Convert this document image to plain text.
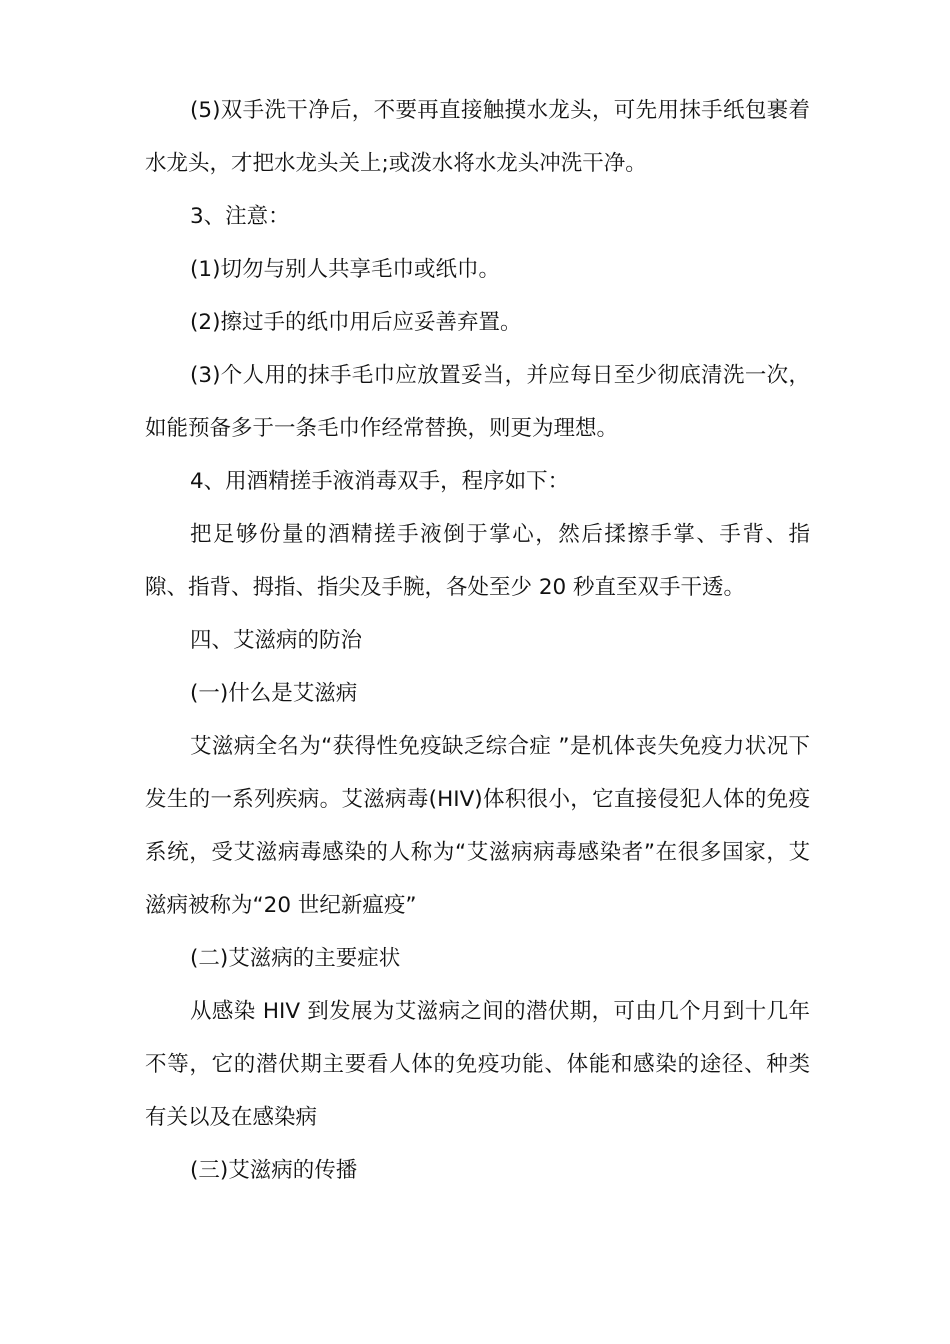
(5)双手洗干净后，不要再直接触摸水龙头，可先用抹手纸包裹着水龙头，才把水龙头关上;或泼水将水龙头冲洗干净。

3、注意：

(1)切勿与别人共享毛巾或纸巾。

(2)擦过手的纸巾用后应妥善弃置。

(3)个人用的抹手毛巾应放置妥当，并应每日至少彻底清洗一次，如能预备多于一条毛巾作经常替换，则更为理想。

4、用酒精搓手液消毒双手，程序如下：

把足够份量的酒精搓手液倒于掌心，然后揉擦手掌、手背、指隙、指背、拇指、指尖及手腕，各处至少 20 秒直至双手干透。

四、艾滋病的防治

(一)什么是艾滋病

艾滋病全名为“获得性免疫缺乏综合症 ”是机体丧失免疫力状况下发生的一系列疾病。艾滋病毒(HIV)体积很小，它直接侵犯人体的免疫系统，受艾滋病毒感染的人称为“艾滋病病毒感染者”在很多国家，艾滋病被称为“20 世纪新瘟疫”

(二)艾滋病的主要症状

从感染 HIV 到发展为艾滋病之间的潜伏期，可由几个月到十几年不等，它的潜伏期主要看人体的免疫功能、体能和感染的途径、种类有关以及在感染病

(三)艾滋病的传播
